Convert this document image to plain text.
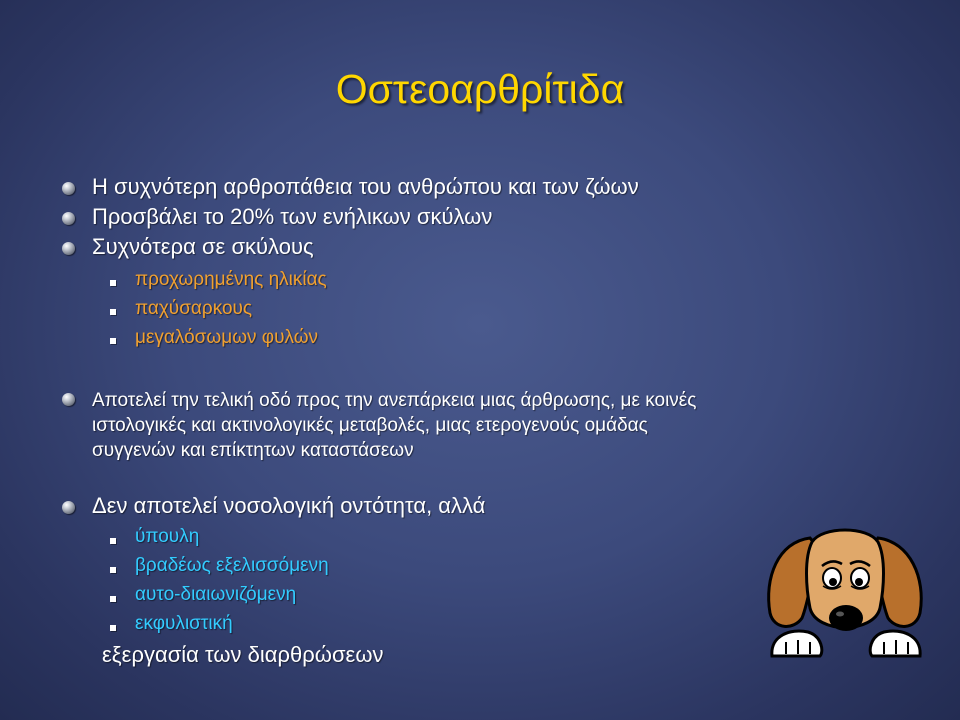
Οστεοαρθρίτιδα
Η συχνότερη αρθροπάθεια του ανθρώπου και των ζώων
Προσβάλει το 20% των ενήλικων σκύλων
Συχνότερα σε σκύλους
προχωρημένης ηλικίας
παχύσαρκους
μεγαλόσωμων φυλών
Αποτελεί την τελική οδό προς την ανεπάρκεια μιας άρθρωσης, με κοινές
ιστολογικές και ακτινολογικές μεταβολές, μιας ετερογενούς ομάδας
συγγενών και επίκτητων καταστάσεων
Δεν αποτελεί νοσολογική οντότητα, αλλά
ύπουλη
βραδέως εξελισσόμενη
αυτο-διαιωνιζόμενη
εκφυλιστική
εξεργασία των διαρθρώσεων
